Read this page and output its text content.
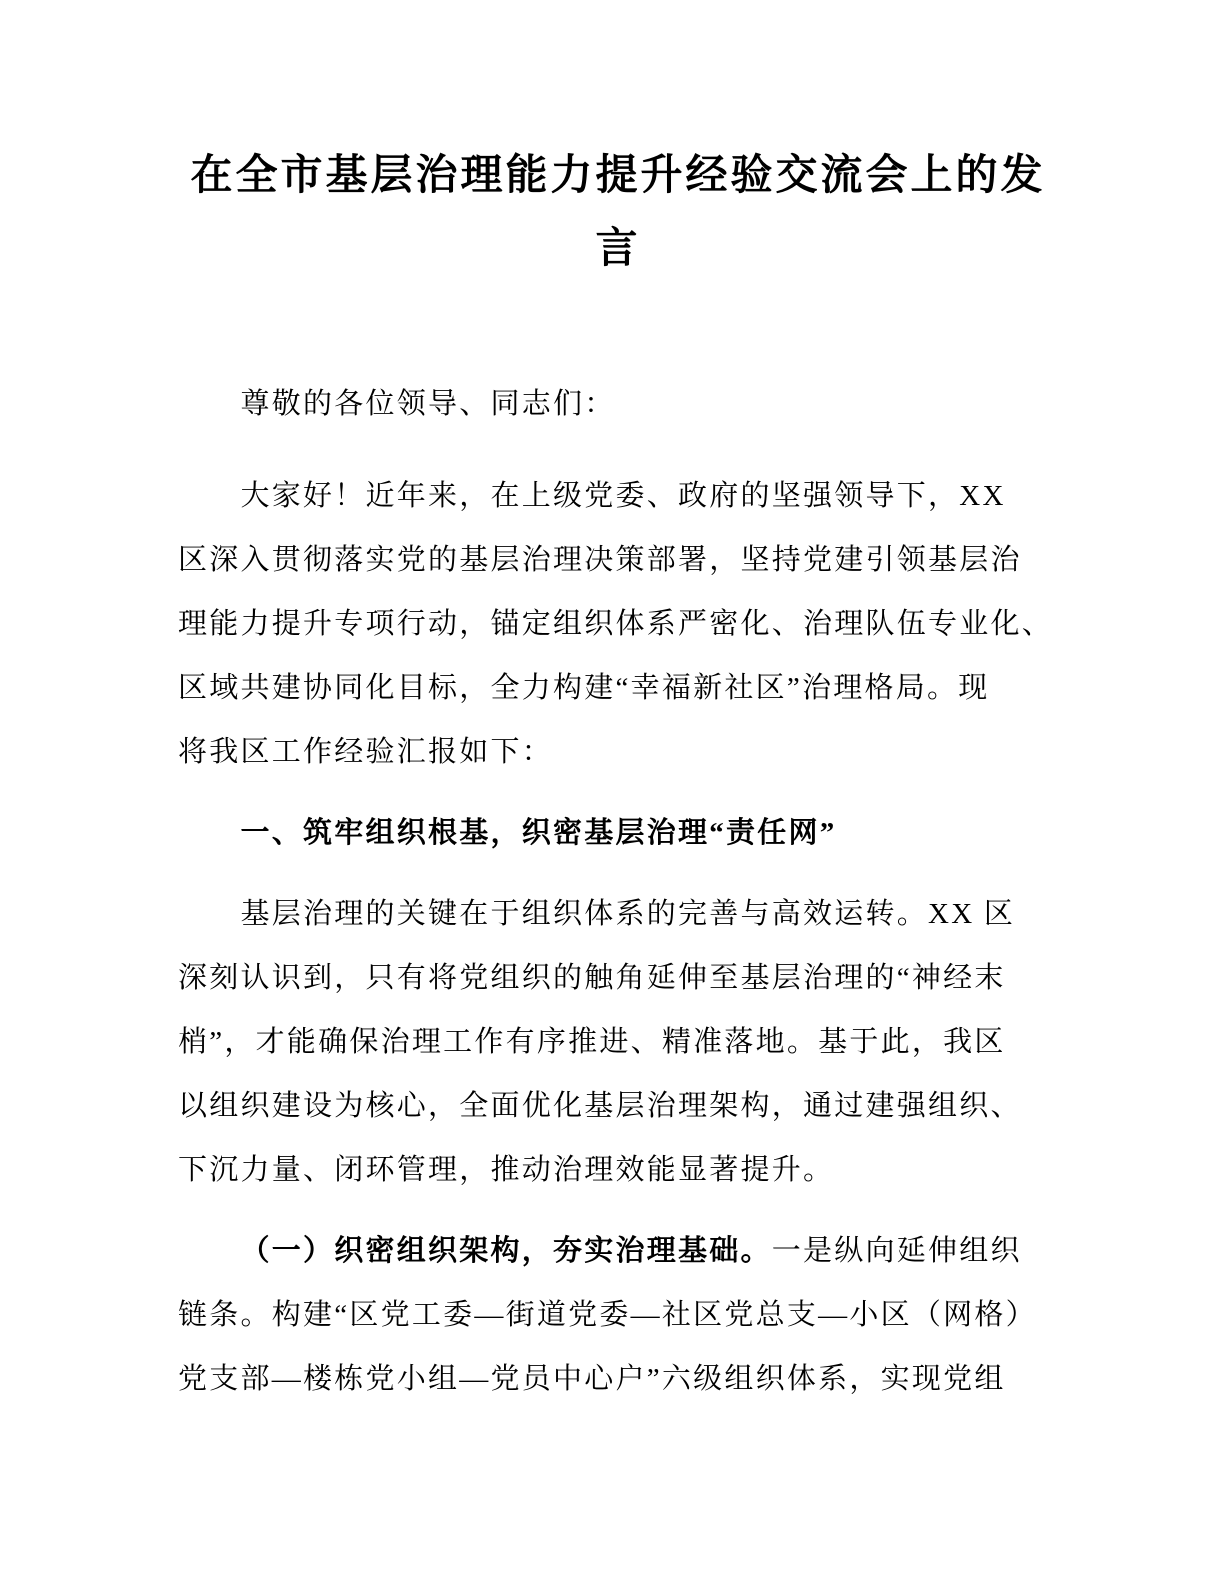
在全市基层治理能力提升经验交流会上的发
言
尊敬的各位领导、同志们：
大家好！近年来，在上级党委、政府的坚强领导下，XX
区深入贯彻落实党的基层治理决策部署，坚持党建引领基层治
理能力提升专项行动，锚定组织体系严密化、治理队伍专业化、
区域共建协同化目标，全力构建“幸福新社区”治理格局。现
将我区工作经验汇报如下：
一、筑牢组织根基，织密基层治理“责任网”
基层治理的关键在于组织体系的完善与高效运转。XX 区
深刻认识到，只有将党组织的触角延伸至基层治理的“神经末
梢”，才能确保治理工作有序推进、精准落地。基于此，我区
以组织建设为核心，全面优化基层治理架构，通过建强组织、
下沉力量、闭环管理，推动治理效能显著提升。
（一）织密组织架构，夯实治理基础。一是纵向延伸组织
链条。构建“区党工委—街道党委—社区党总支—小区（网格）
党支部—楼栋党小组—党员中心户”六级组织体系，实现党组
